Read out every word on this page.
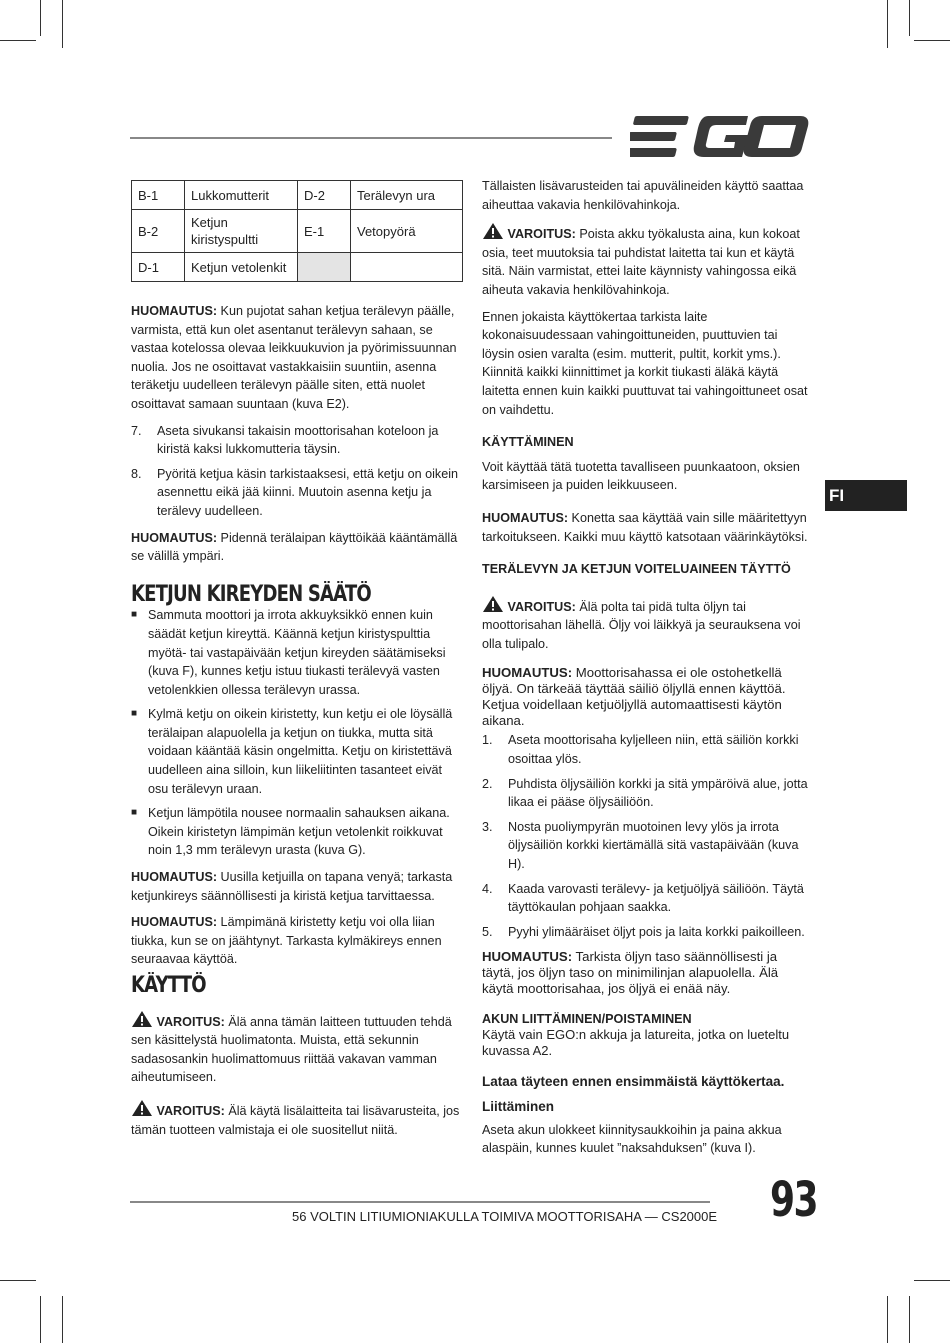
B-1	Lukkomutterit	D-2	Terälevyn ura
B-2	Ketjun kiristyspultti	E-1	Vetopyörä
D-1	Ketjun vetolenkit		

HUOMAUTUS: Kun pujotat sahan ketjua terälevyn päälle, varmista, että kun olet asentanut terälevyn sahaan, se vastaa kotelossa olevaa leikkuukuvion ja pyörimissuunnan nuolia. Jos ne osoittavat vastakkaisiin suuntiin, asenna teräketju uudelleen terälevyn päälle siten, että nuolet osoittavat samaan suuntaan (kuva E2).

7. Aseta sivukansi takaisin moottorisahan koteloon ja kiristä kaksi lukkomutteria täysin.
8. Pyöritä ketjua käsin tarkistaaksesi, että ketju on oikein asennettu eikä jää kiinni. Muutoin asenna ketju ja terälevy uudelleen.

HUOMAUTUS: Pidennä terälaipan käyttöikää kääntämällä se välillä ympäri.

KETJUN KIREYDEN SÄÄTÖ
■ Sammuta moottori ja irrota akkuyksikkö ennen kuin säädät ketjun kireyttä. Käännä ketjun kiristyspulttia myötä- tai vastapäivään ketjun kireyden säätämiseksi (kuva F), kunnes ketju istuu tiukasti terälevyä vasten vetolenkkien ollessa terälevyn urassa.
■ Kylmä ketju on oikein kiristetty, kun ketju ei ole löysällä terälaipan alapuolella ja ketjun on tiukka, mutta sitä voidaan kääntää käsin ongelmitta. Ketju on kiristettävä uudelleen aina silloin, kun liikeliitinten tasanteet eivät osu terälevyn uraan.
■ Ketjun lämpötila nousee normaalin sahauksen aikana. Oikein kiristetyn lämpimän ketjun vetolenkit roikkuvat noin 1,3 mm terälevyn urasta (kuva G).

HUOMAUTUS: Uusilla ketjuilla on tapana venyä; tarkasta ketjunkireys säännöllisesti ja kiristä ketjua tarvittaessa.

HUOMAUTUS: Lämpimänä kiristetty ketju voi olla liian tiukka, kun se on jäähtynyt. Tarkasta kylmäkireys ennen seuraavaa käyttöä.

KÄYTTÖ

VAROITUS: Älä anna tämän laitteen tuttuuden tehdä sen käsittelystä huolimatonta. Muista, että sekunnin sadasosankin huolimattomuus riittää vakavan vamman aiheutumiseen.

VAROITUS: Älä käytä lisälaitteita tai lisävarusteita, jos tämän tuotteen valmistaja ei ole suositellut niitä.

Tällaisten lisävarusteiden tai apuvälineiden käyttö saattaa aiheuttaa vakavia henkilövahinkoja.

VAROITUS: Poista akku työkalusta aina, kun kokoat osia, teet muutoksia tai puhdistat laitetta tai kun et käytä sitä. Näin varmistat, ettei laite käynnisty vahingossa eikä aiheuta vakavia henkilövahinkoja.

Ennen jokaista käyttökertaa tarkista laite kokonaisuudessaan vahingoittuneiden, puuttuvien tai löysin osien varalta (esim. mutterit, pultit, korkit yms.). Kiinnitä kaikki kiinnittimet ja korkit tiukasti äläkä käytä laitetta ennen kuin kaikki puuttuvat tai vahingoittuneet osat on vaihdettu.

KÄYTTÄMINEN

Voit käyttää tätä tuotetta tavalliseen puunkaatoon, oksien karsimiseen ja puiden leikkuuseen.

HUOMAUTUS: Konetta saa käyttää vain sille määritettyyn tarkoitukseen. Kaikki muu käyttö katsotaan väärinkäytöksi.

TERÄLEVYN JA KETJUN VOITELUAINEEN TÄYTTÖ

VAROITUS: Älä polta tai pidä tulta öljyn tai moottorisahan lähellä. Öljy voi läikkyä ja seurauksena voi olla tulipalo.

HUOMAUTUS: Moottorisahassa ei ole ostohetkellä öljyä. On tärkeää täyttää säiliö öljyllä ennen käyttöä. Ketjua voidellaan ketjuöljyllä automaattisesti käytön aikana.

1. Aseta moottorisaha kyljelleen niin, että säiliön korkki osoittaa ylös.
2. Puhdista öljysäiliön korkki ja sitä ympäröivä alue, jotta likaa ei pääse öljysäiliöön.
3. Nosta puoliympyrän muotoinen levy ylös ja irrota öljysäiliön korkki kiertämällä sitä vastapäivään (kuva H).
4. Kaada varovasti terälevy- ja ketjuöljyä säiliöön. Täytä täyttökaulan pohjaan saakka.
5. Pyyhi ylimääräiset öljyt pois ja laita korkki paikoilleen.

HUOMAUTUS: Tarkista öljyn taso säännöllisesti ja täytä, jos öljyn taso on minimilinjan alapuolella. Älä käytä moottorisahaa, jos öljyä ei enää näy.

AKUN LIITTÄMINEN/POISTAMINEN

Käytä vain EGO:n akkuja ja latureita, jotka on lueteltu kuvassa A2.

Lataa täyteen ennen ensimmäistä käyttökertaa.
Liittäminen

Aseta akun ulokkeet kiinnitysaukkoihin ja paina akkua alaspäin, kunnes kuulet ”naksahduksen” (kuva I).

FI
56 VOLTIN LITIUMIONIAKULLA TOIMIVA MOOTTORISAHA — CS2000E 93
